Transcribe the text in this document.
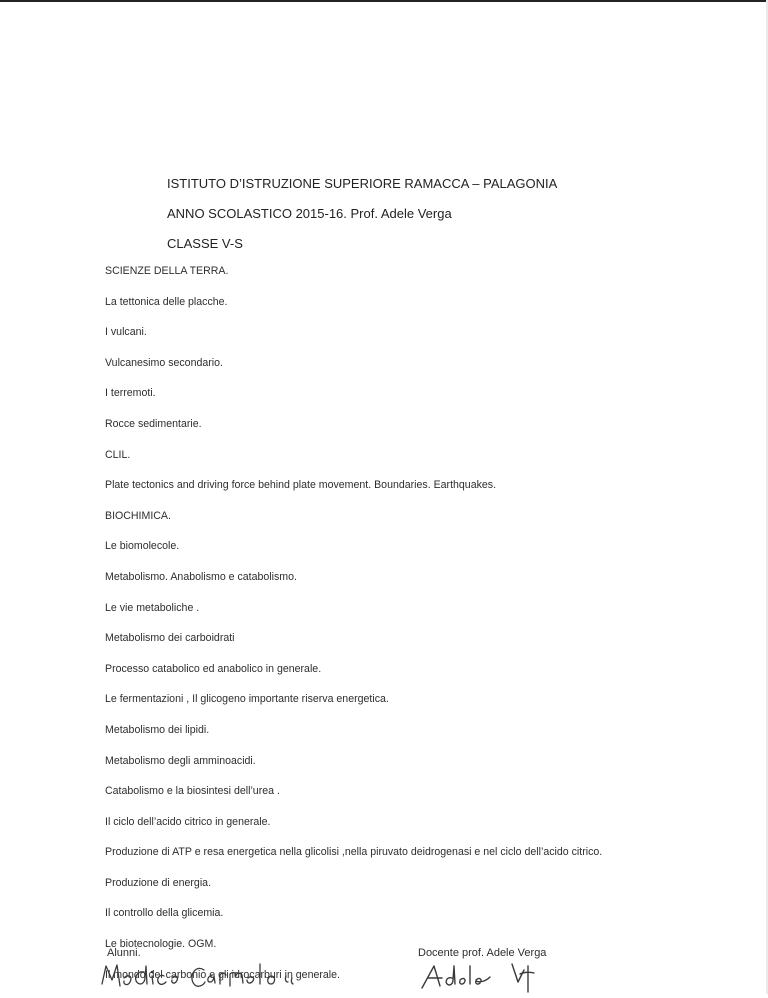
ISTITUTO D’ISTRUZIONE SUPERIORE RAMACCA – PALAGONIA
ANNO SCOLASTICO 2015-16. Prof. Adele Verga
CLASSE V-S
SCIENZE DELLA TERRA.
La tettonica delle placche.
I vulcani.
Vulcanesimo secondario.
I terremoti.
Rocce sedimentarie.
CLIL.
Plate tectonics and driving force behind plate movement. Boundaries. Earthquakes.
BIOCHIMICA.
Le biomolecole.
Metabolismo. Anabolismo e catabolismo.
Le vie metaboliche .
Metabolismo dei carboidrati
Processo catabolico ed anabolico in generale.
Le fermentazioni , Il glicogeno importante riserva energetica.
Metabolismo dei lipidi.
Metabolismo degli amminoacidi.
Catabolismo e la biosintesi dell’urea .
Il ciclo dell’acido citrico in generale.
Produzione di ATP e resa energetica nella glicolisi ,nella piruvato deidrogenasi e nel ciclo dell’acido citrico.
Produzione di energia.
Il controllo della glicemia.
Le biotecnologie. OGM.
Il mondo del carbonio e gli idrocarburi in generale.
Alunni.	Docente prof. Adele Verga
